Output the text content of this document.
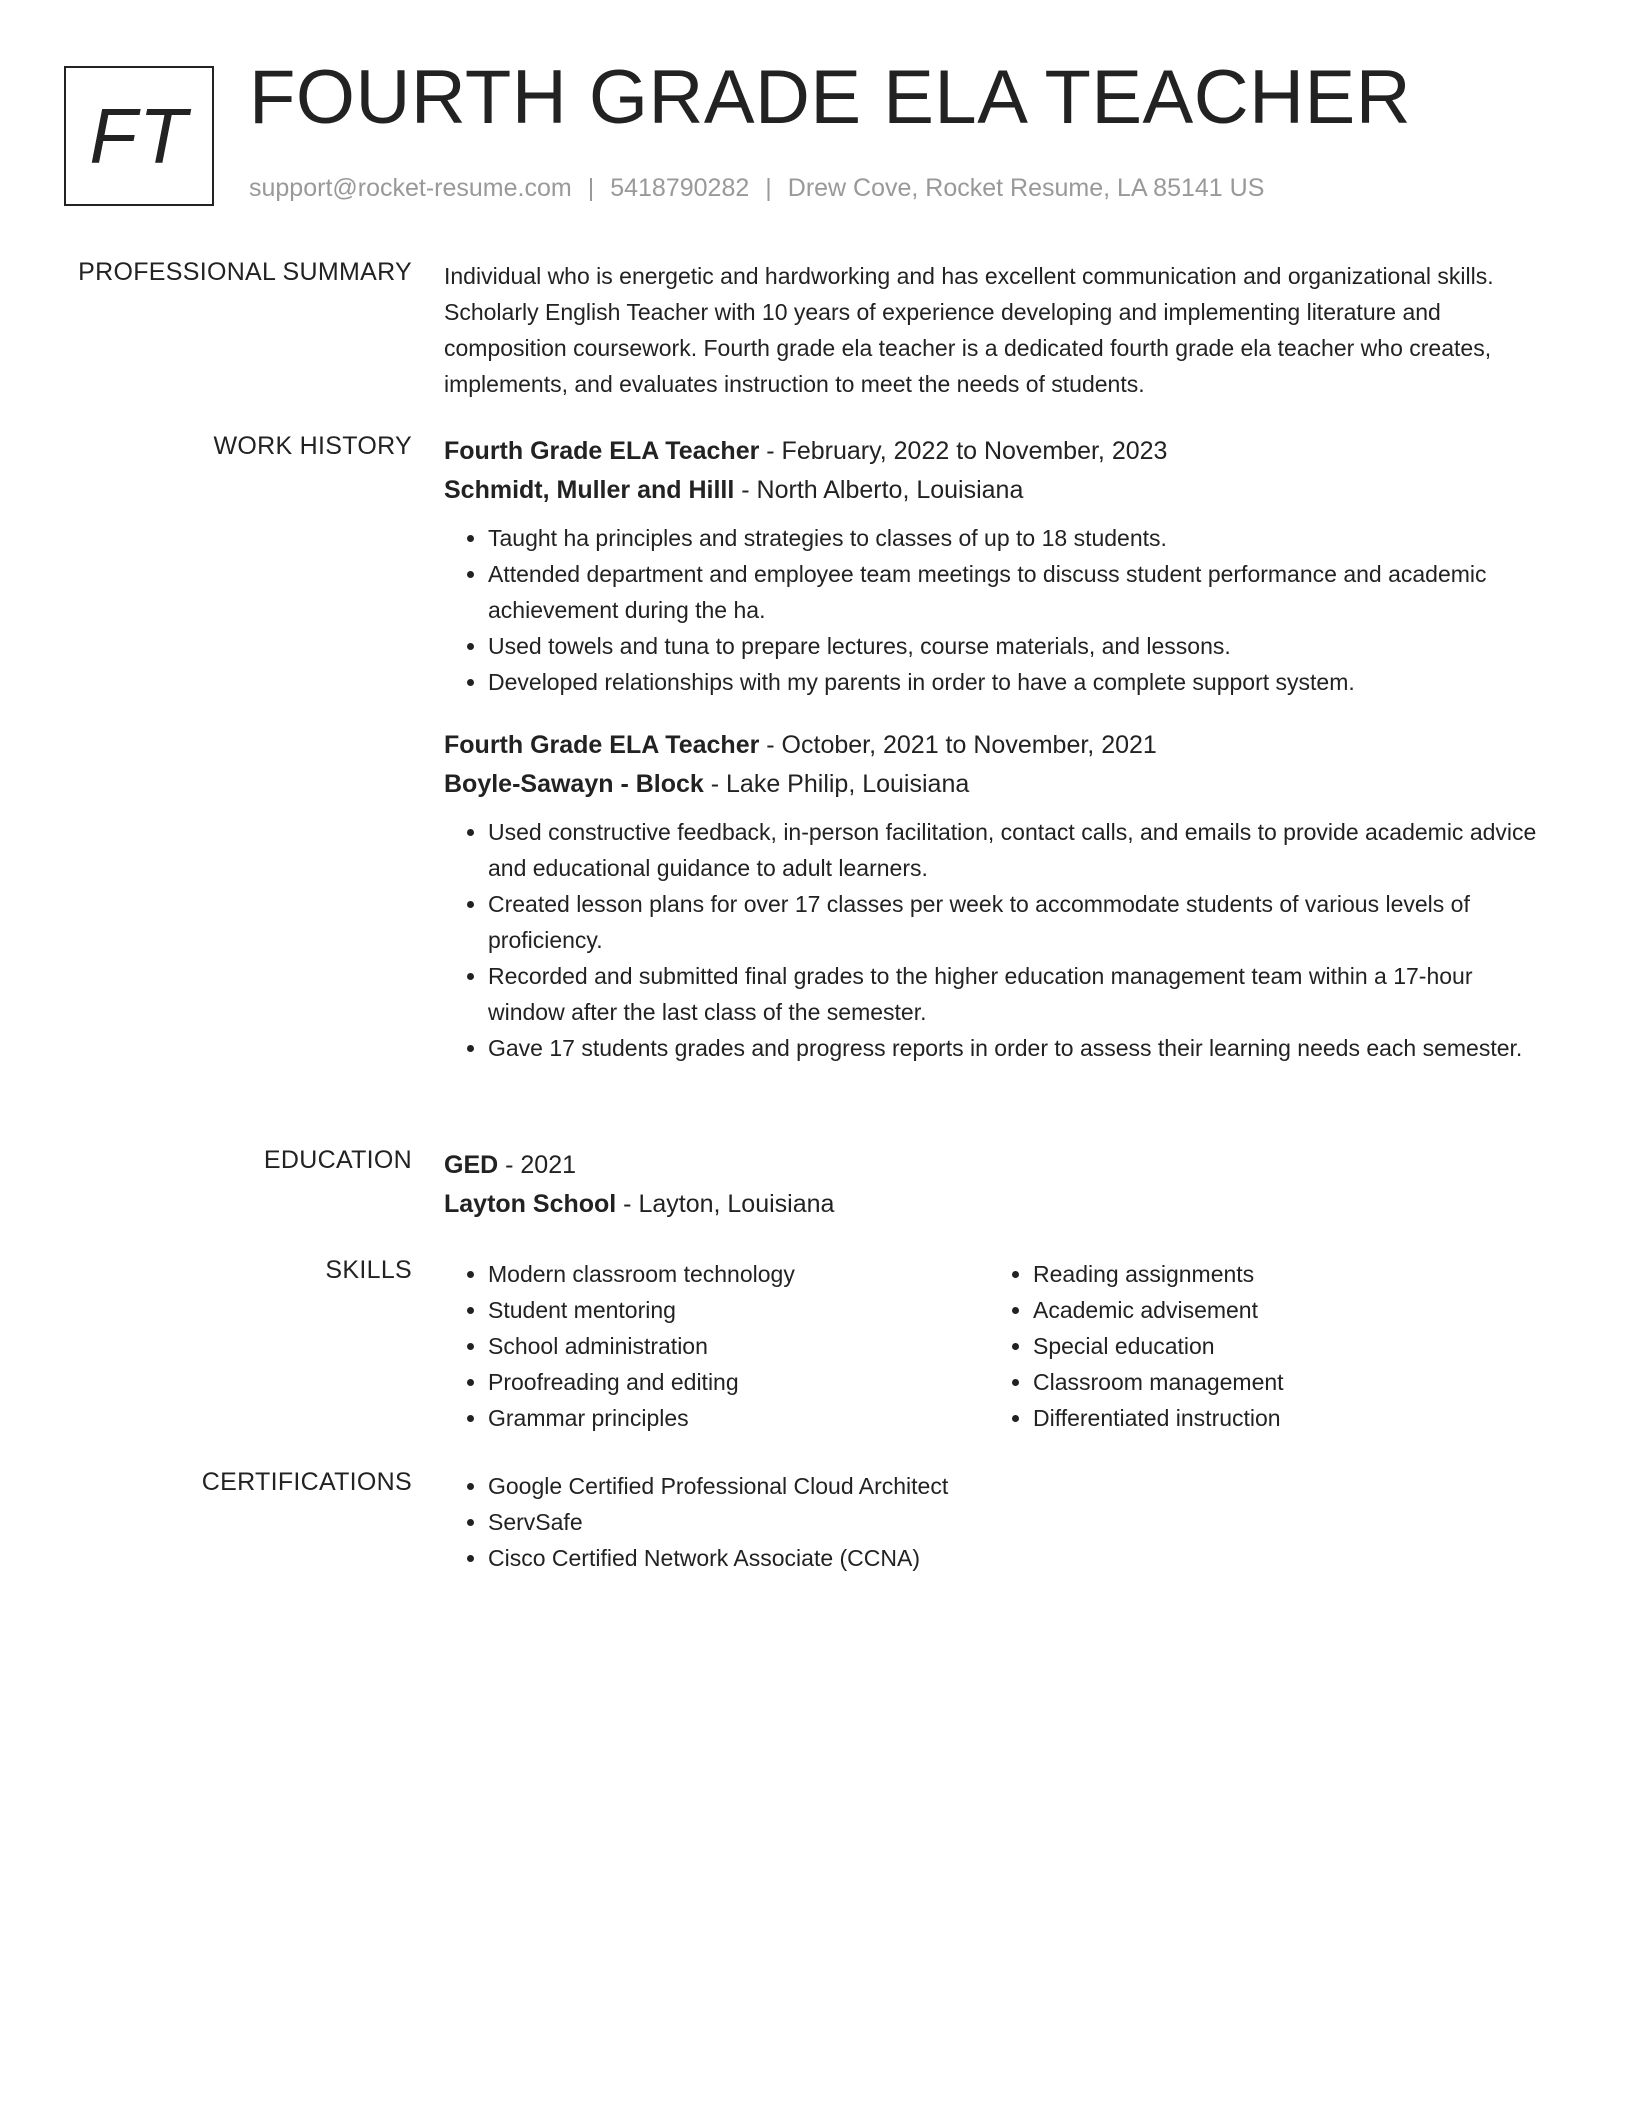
FT FOURTH GRADE ELA TEACHER
support@rocket-resume.com | 5418790282 | Drew Cove, Rocket Resume, LA 85141 US
PROFESSIONAL SUMMARY Individual who is energetic and hardworking and has excellent communication and organizational skills. Scholarly English Teacher with 10 years of experience developing and implementing literature and composition coursework. Fourth grade ela teacher is a dedicated fourth grade ela teacher who creates, implements, and evaluates instruction to meet the needs of students.

WORK HISTORY Fourth Grade ELA Teacher - February, 2022 to November, 2023
Schmidt, Muller and Hilll - North Alberto, Louisiana
• Taught ha principles and strategies to classes of up to 18 students.
• Attended department and employee team meetings to discuss student performance and academic achievement during the ha.
• Used towels and tuna to prepare lectures, course materials, and lessons.
• Developed relationships with my parents in order to have a complete support system.
Fourth Grade ELA Teacher - October, 2021 to November, 2021
Boyle-Sawayn - Block - Lake Philip, Louisiana
• Used constructive feedback, in-person facilitation, contact calls, and emails to provide academic advice and educational guidance to adult learners.
• Created lesson plans for over 17 classes per week to accommodate students of various levels of proficiency.
• Recorded and submitted final grades to the higher education management team within a 17-hour window after the last class of the semester.
• Gave 17 students grades and progress reports in order to assess their learning needs each semester.
EDUCATION GED - 2021
Layton School - Layton, Louisiana
SKILLS	• Modern classroom technology
• Student mentoring
• School administration
• Proofreading and editing
• Grammar principles
• Reading assignments
• Academic advisement
• Special education
• Classroom management
• Differentiated instruction
CERTIFICATIONS	• Google Certified Professional Cloud Architect
• ServSafe
• Cisco Certified Network Associate (CCNA)
